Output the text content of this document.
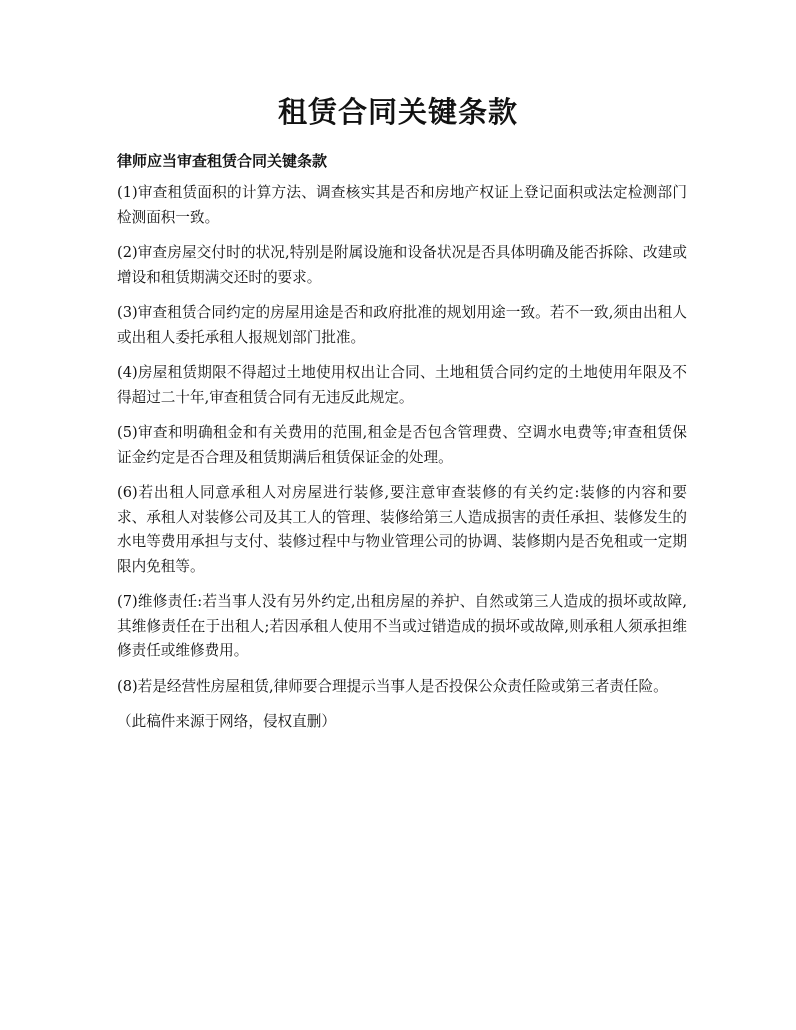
租赁合同关键条款
律师应当审查租赁合同关键条款

(1)审查租赁面积的计算方法、调查核实其是否和房地产权证上登记面积或法定检测部门检测面积一致。

(2)审查房屋交付时的状况,特别是附属设施和设备状况是否具体明确及能否拆除、改建或增设和租赁期满交还时的要求。

(3)审查租赁合同约定的房屋用途是否和政府批准的规划用途一致。若不一致,须由出租人或出租人委托承租人报规划部门批准。

(4)房屋租赁期限不得超过土地使用权出让合同、土地租赁合同约定的土地使用年限及不得超过二十年,审查租赁合同有无违反此规定。

(5)审查和明确租金和有关费用的范围,租金是否包含管理费、空调水电费等;审查租赁保证金约定是否合理及租赁期满后租赁保证金的处理。

(6)若出租人同意承租人对房屋进行装修,要注意审查装修的有关约定:装修的内容和要求、承租人对装修公司及其工人的管理、装修给第三人造成损害的责任承担、装修发生的水电等费用承担与支付、装修过程中与物业管理公司的协调、装修期内是否免租或一定期限内免租等。

(7)维修责任:若当事人没有另外约定,出租房屋的养护、自然或第三人造成的损坏或故障,其维修责任在于出租人;若因承租人使用不当或过错造成的损坏或故障,则承租人须承担维修责任或维修费用。

(8)若是经营性房屋租赁,律师要合理提示当事人是否投保公众责任险或第三者责任险。

（此稿件来源于网络，侵权直删）
